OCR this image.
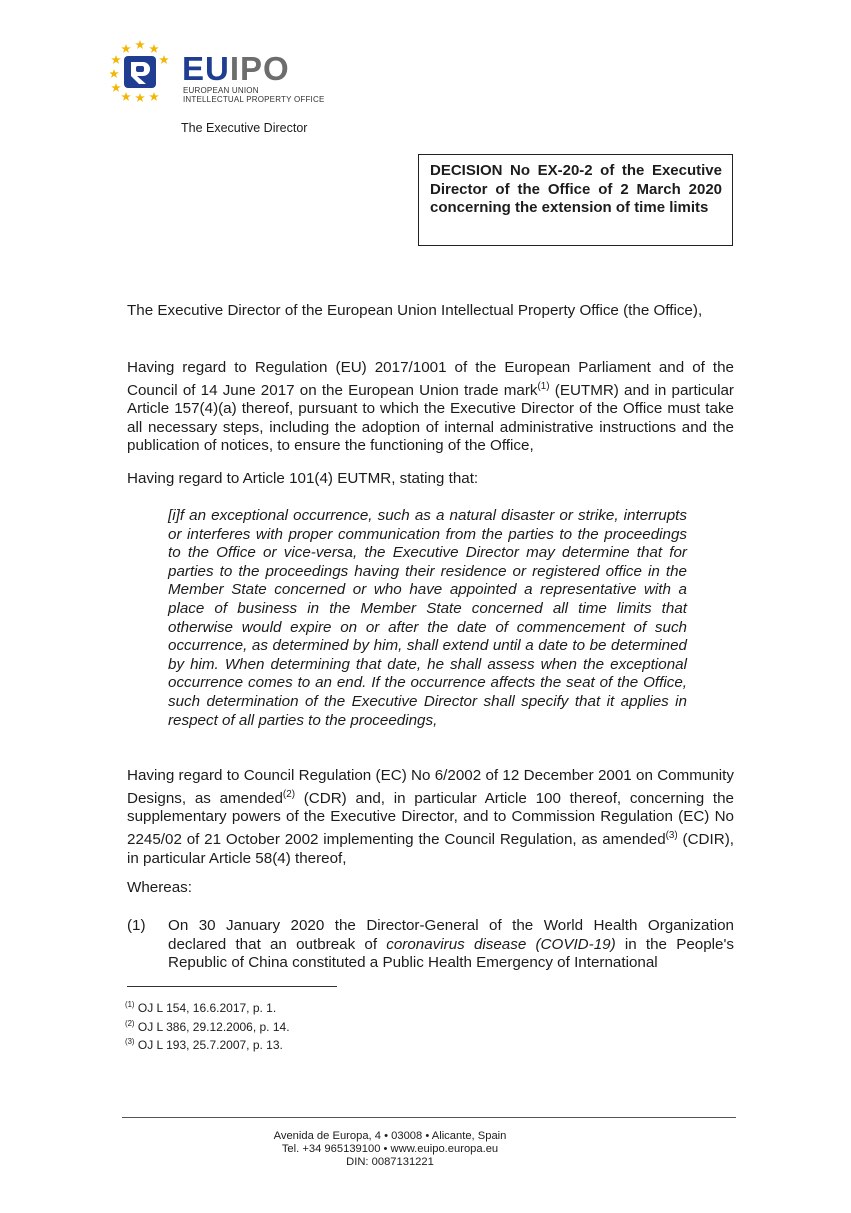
EUIPO
EUROPEAN UNION
INTELLECTUAL PROPERTY OFFICE
The Executive Director
DECISION No EX-20-2 of the Executive Director of the Office of 2 March 2020 concerning the extension of time limits
The Executive Director of the European Union Intellectual Property Office (the Office),
Having regard to Regulation (EU) 2017/1001 of the European Parliament and of the Council of 14 June 2017 on the European Union trade mark$^{(1)}$ (EUTMR) and in particular Article 157(4)(a) thereof, pursuant to which the Executive Director of the Office must take all necessary steps, including the adoption of internal administrative instructions and the publication of notices, to ensure the functioning of the Office,
Having regard to Article 101(4) EUTMR, stating that:
[i]f an exceptional occurrence, such as a natural disaster or strike, interrupts or interferes with proper communication from the parties to the proceedings to the Office or vice-versa, the Executive Director may determine that for parties to the proceedings having their residence or registered office in the Member State concerned or who have appointed a representative with a place of business in the Member State concerned all time limits that otherwise would expire on or after the date of commencement of such occurrence, as determined by him, shall extend until a date to be determined by him. When determining that date, he shall assess when the exceptional occurrence comes to an end. If the occurrence affects the seat of the Office, such determination of the Executive Director shall specify that it applies in respect of all parties to the proceedings,
Having regard to Council Regulation (EC) No 6/2002 of 12 December 2001 on Community Designs, as amended$^{(2)}$ (CDR) and, in particular Article 100 thereof, concerning the supplementary powers of the Executive Director, and to Commission Regulation (EC) No 2245/02 of 21 October 2002 implementing the Council Regulation, as amended$^{(3)}$ (CDIR), in particular Article 58(4) thereof,
Whereas:
(1) On 30 January 2020 the Director-General of the World Health Organization declared that an outbreak of coronavirus disease (COVID-19) in the People's Republic of China constituted a Public Health Emergency of International
$^{(1)}$ OJ L 154, 16.6.2017, p. 1.
$^{(2)}$ OJ L 386, 29.12.2006, p. 14.
$^{(3)}$ OJ L 193, 25.7.2007, p. 13.
Avenida de Europa, 4 • 03008 • Alicante, Spain
Tel. +34 965139100 • www.euipo.europa.eu
DIN: 0087131221
